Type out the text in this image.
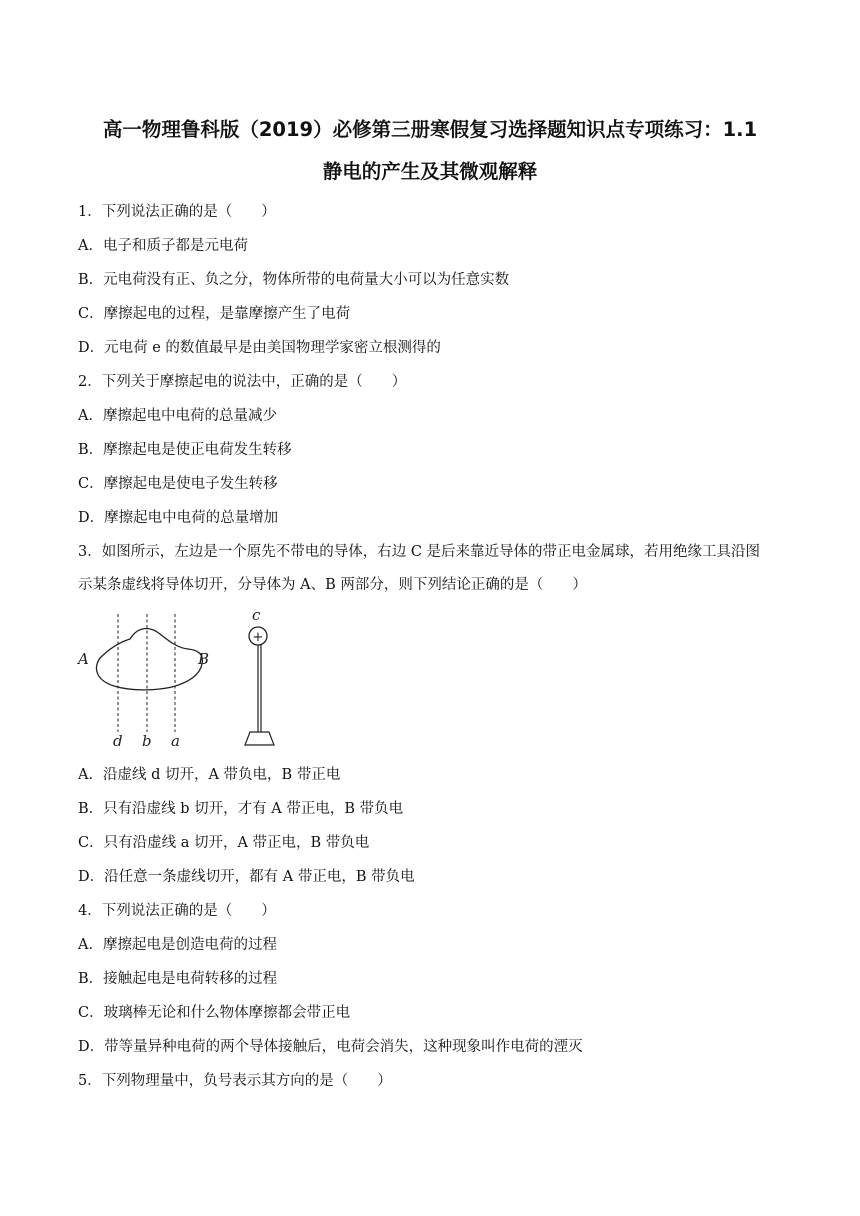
高一物理鲁科版（2019）必修第三册寒假复习选择题知识点专项练习：1.1
静电的产生及其微观解释

1．下列说法正确的是（　　）

A．电子和质子都是元电荷

B．元电荷没有正、负之分，物体所带的电荷量大小可以为任意实数

C．摩擦起电的过程，是靠摩擦产生了电荷

D．元电荷 e 的数值最早是由美国物理学家密立根测得的

2．下列关于摩擦起电的说法中，正确的是（　　）

A．摩擦起电中电荷的总量减少

B．摩擦起电是使正电荷发生转移

C．摩擦起电是使电子发生转移

D．摩擦起电中电荷的总量增加

3．如图所示，左边是一个原先不带电的导体，右边 C 是后来靠近导体的带正电金属球，若用绝缘工具沿图

示某条虚线将导体切开，分导体为 A、B 两部分，则下列结论正确的是（　　）

A	B
c
+
d b a

A．沿虚线 d 切开，A 带负电，B 带正电

B．只有沿虚线 b 切开，才有 A 带正电，B 带负电

C．只有沿虚线 a 切开，A 带正电，B 带负电

D．沿任意一条虚线切开，都有 A 带正电，B 带负电

4．下列说法正确的是（　　）

A．摩擦起电是创造电荷的过程

B．接触起电是电荷转移的过程

C．玻璃棒无论和什么物体摩擦都会带正电

D．带等量异种电荷的两个导体接触后，电荷会消失，这种现象叫作电荷的湮灭

5．下列物理量中，负号表示其方向的是（　　）
